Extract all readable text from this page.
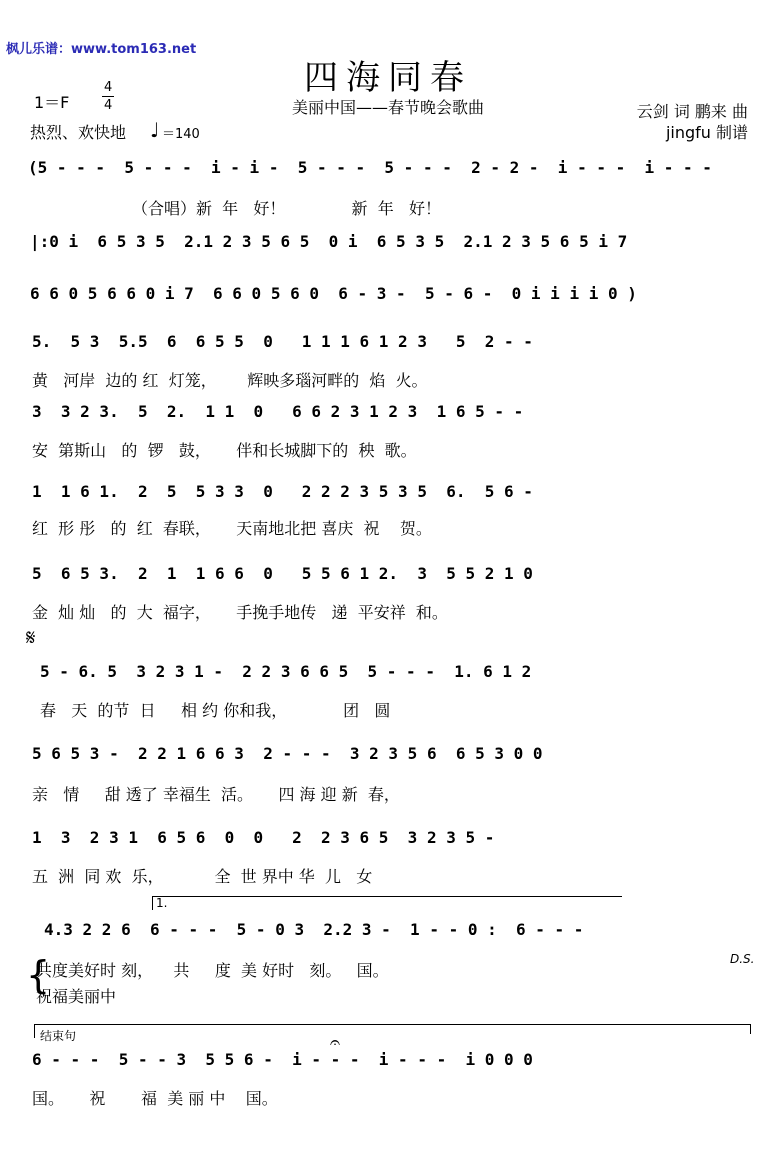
枫儿乐谱：www.tom163.net
四海同春
美丽中国——春节晚会歌曲
1＝F
4
4
热烈、欢快地 ♩ ＝140
云剑 词 鹏来 曲
jingfu 制谱
(5 - - -  5 - - -  i - i -  5 - - -  5 - - -  2 - 2 -  i - - -  i - - -
（合唱）新  年   好！             新  年   好！
|:0 i  6 5 3 5  2.1 2 3 5 6 5  0 i  6 5 3 5  2.1 2 3 5 6 5 i 7
6 6 0 5 6 6 0 i 7  6 6 0 5 6 0  6 - 3 -  5 - 6 -  0 i i i i 0 )
5.  5 3  5.5  6  6 5 5  0   1 1 1 6 1 2 3   5  2 - -
黄   河岸  边的 红  灯笼，      辉映多瑙河畔的  焰  火。
3  3 2 3.  5  2.  1 1  0   6 6 2 3 1 2 3  1 6 5 - -
安  第斯山   的  锣   鼓，     伴和长城脚下的  秧  歌。
1  1 6 1.  2  5  5 3 3  0   2 2 2 3 5 3 5  6.  5 6 -
红  形 彤   的  红  春联，     天南地北把 喜庆  祝    贺。
5  6 5 3.  2  1  1 6 6  0   5 5 6 1 2.  3  5 5 2 1 0
金  灿 灿   的  大  福字，     手挽手地传   递  平安祥  和。
𝄋
5 - 6. 5  3 2 3 1 -  2 2 3 6 6 5  5 - - -  1. 6 1 2
春   天  的节  日     相 约 你和我，           团   圆
5 6 5 3 -  2 2 1 6 6 3  2 - - -  3 2 3 5 6  6 5 3 0 0
亲   情     甜 透了 幸福生  活。     四 海 迎 新  春，
1  3  2 3 1  6 5 6  0  0   2  2 3 6 5  3 2 3 5 -
五  洲  同 欢  乐，          全  世 界中 华  儿   女
1.
4.3 2 2 6  6 - - -  5 - 0 3  2.2 3 -  1 - - 0 :  6 - - -
D.S.
共度美好时 刻，    共     度  美 好时   刻。   国。
祝福美丽中
{
结束句	𝄐
6 - - -  5 - - 3  5 5 6 -  i - - -  i - - -  i 0 0 0
国。     祝       福  美 丽 中    国。
